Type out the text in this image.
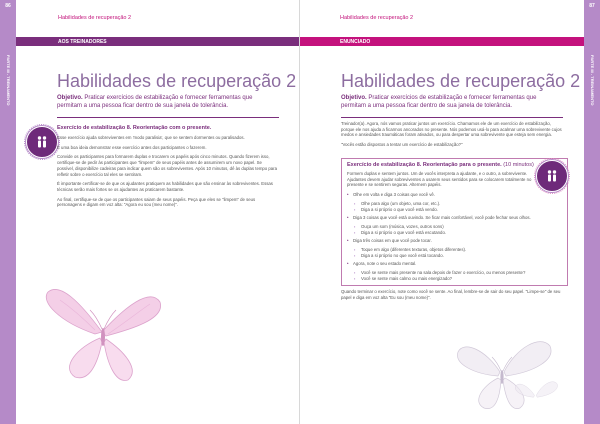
86
PARTE III - TREINAMENTO
Habilidades de recuperação 2
AOS TREINADORES
Habilidades de recuperação 2
Objetivo. Praticar exercícios de estabilização e fornecer ferramentas que permitam a uma pessoa ficar dentro de sua janela de tolerância.
Exercício de estabilização 8. Reorientação com o presente.

Esse exercício ajuda sobreviventes em 'modo paralisia', que se sentem dormentes ou paralisados.

É uma boa ideia demonstrar esse exercício antes dos participantes o fazerem.

Convide os participantes para formarem duplas e trocarem os papéis após cinco minutos. Quando fizerem isso, certifique-se de pedir às participantes que "limpem" de seus papéis antes de assumirem um novo papel. Se possível, disponibilize cadeiras para indicar quem são os sobreviventes. Após 10 minutos, dê às duplas tempo para refletir sobre o exercício tal eles se sentiram.

É importante certificar-se de que os ajudantes pratiquem as habilidades que são ensinar às sobreviventes. Essas técnicas serão mais fortes se os ajudantes as praticarem bastante.

Ao final, certifique-se de que os participantes saiam de seus papéis. Peça que eles se "limpem" de seus personagens e digam em voz alta: "Agora eu sou (meu nome)".

87
PARTE III - TREINAMENTO
Habilidades de recuperação 2
ENUNCIADO
Habilidades de recuperação 2
Objetivo. Praticar exercícios de estabilização e fornecer ferramentas que permitam a uma pessoa ficar dentro de sua janela de tolerância.

Treinador(a). Agora, nós vamos praticar juntos um exercício. Chamamos ele de um exercício de estabilização, porque ele nos ajuda a ficarmos ancorados no presente. Nós podemos usá-lo para acalmar uma sobrevivente cujos medos e ansiedades traumáticas foram ativados, ou para despertar uma sobrevivente que esteja sem energia.

"Vocês estão dispostos a tentar um exercício de estabilização?"

Exercício de estabilização 8. Reorientação para o presente. (10 minutos)

Formem duplas e sentem juntos. Um de vocês interpreta a ajudante, e o outro, a sobrevivente. Ajudantes devem ajudar sobreviventes a usarem seus sentidos para se colocarem totalmente no presente e se sentirem seguras. Alternem papéis.

• Olhe em volta e diga 3 coisas que você vê.

▪ Olhe para algo (um objeto, uma cor, etc.).

▪ Diga a si próprio o que você está vendo.

• Diga 3 coisas que você está ouvindo. Se ficar mais confortável, você pode fechar seus olhos.

▪ Ouça um som (música, vozes, outros sons)

▪ Diga a si próprio o que você está escutando.

• Diga três coisas em que você pode tocar.

▪ Toque em algo (diferentes texturas, objetos diferentes).

▪ Diga a si próprio no que você está tocando.

• Agora, note o seu estado mental.

▪ Você se sente mais presente na sala depois de fazer o exercício, ou menos presente?

▪ Você se sente mais calmo ou mais energizado?

Quando terminar o exercício, note como você se sente. Ao final, lembre-se de sair do seu papel. "Limpe-se" de seu papel e diga em voz alta "Eu sou (meu nome)".
